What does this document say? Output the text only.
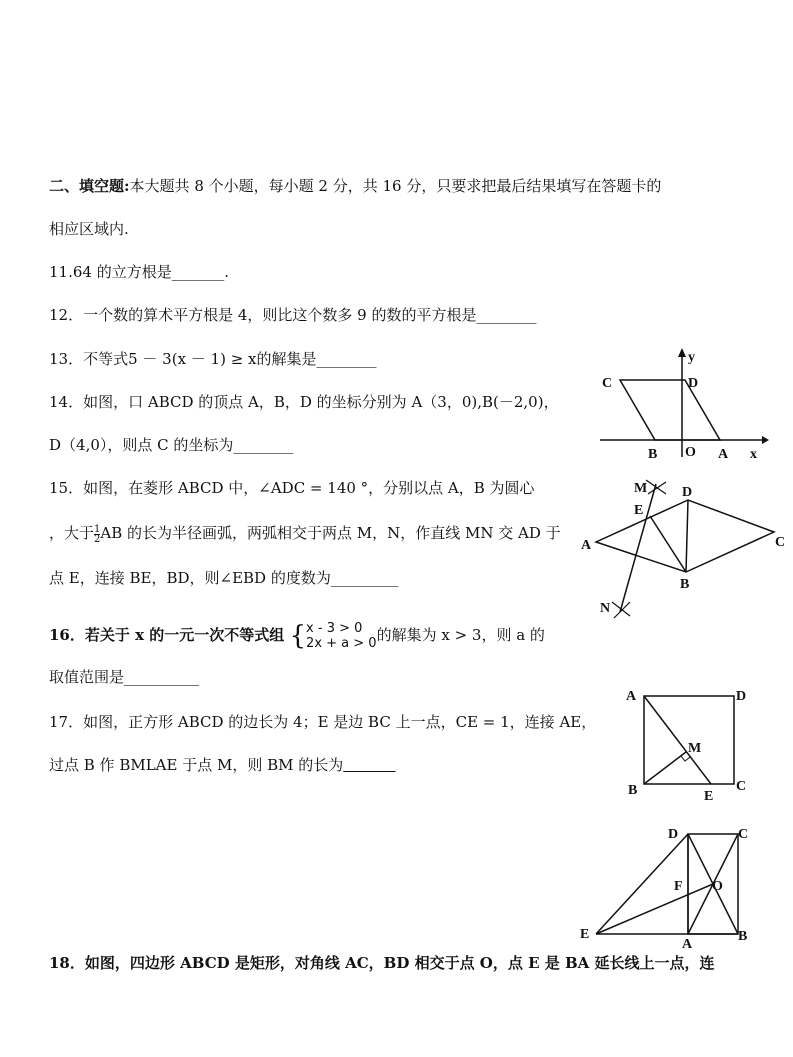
二、填空题:本大题共 8 个小题，每小题 2 分，共 16 分，只要求把最后结果填写在答题卡的
相应区域内.
11.64 的立方根是_______.
12．一个数的算术平方根是 4，则比这个数多 9 的数的平方根是________
13．不等式5 － 3(x － 1) ≥ x的解集是________
14．如图，口 ABCD 的顶点 A，B，D 的坐标分别为 A（3，0),B(－2,0)，
D（4,0），则点 C 的坐标为________
15．如图，在菱形 ABCD 中，∠ADC = 140 °，分别以点 A，B 为圆心
，大于 $\frac{1}{2}$ AB 的长为半径画弧，两弧相交于两点 M，N，作直线 MN 交 AD 于
点 E，连接 BE，BD，则∠EBD 的度数为_________
16．若关于 x 的一元一次不等式组 { x - 3 > 0
2x + a > 0 的解集为 x > 3，则 a 的
取值范围是__________
17．如图，正方形 ABCD 的边长为 4；E 是边 BC 上一点，CE = 1，连接 AE，
过点 B 作 BMLAE 于点 M，则 BM 的长为
18．如图，四边形 ABCD 是矩形，对角线 AC，BD 相交于点 O，点 E 是 BA 延长线上一点，连
C	D
B O A x
y
M D
E
A	C
B
N
A	D
M
B	E
C
D	C
F O
E
A
B
